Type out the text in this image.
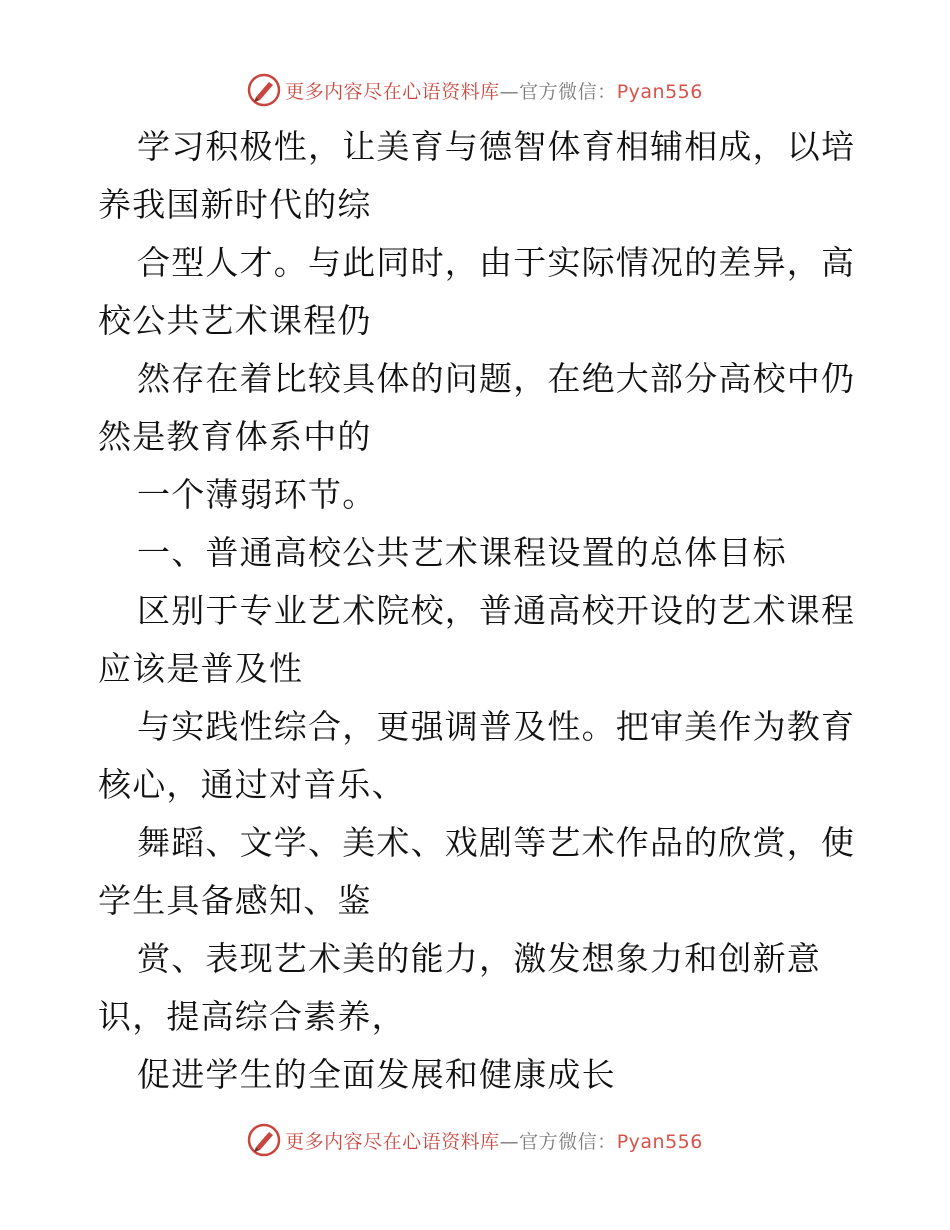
更多内容尽在心语资料库—官方微信：Pyan556

学习积极性，让美育与德智体育相辅相成，以培养我国新时代的综

合型人才。与此同时，由于实际情况的差异，高校公共艺术课程仍

然存在着比较具体的问题，在绝大部分高校中仍然是教育体系中的

一个薄弱环节。

一、普通高校公共艺术课程设置的总体目标

区别于专业艺术院校，普通高校开设的艺术课程应该是普及性

与实践性综合，更强调普及性。把审美作为教育核心，通过对音乐、

舞蹈、文学、美术、戏剧等艺术作品的欣赏，使学生具备感知、鉴

赏、表现艺术美的能力，激发想象力和创新意识，提高综合素养，

促进学生的全面发展和健康成长

更多内容尽在心语资料库—官方微信：Pyan556
